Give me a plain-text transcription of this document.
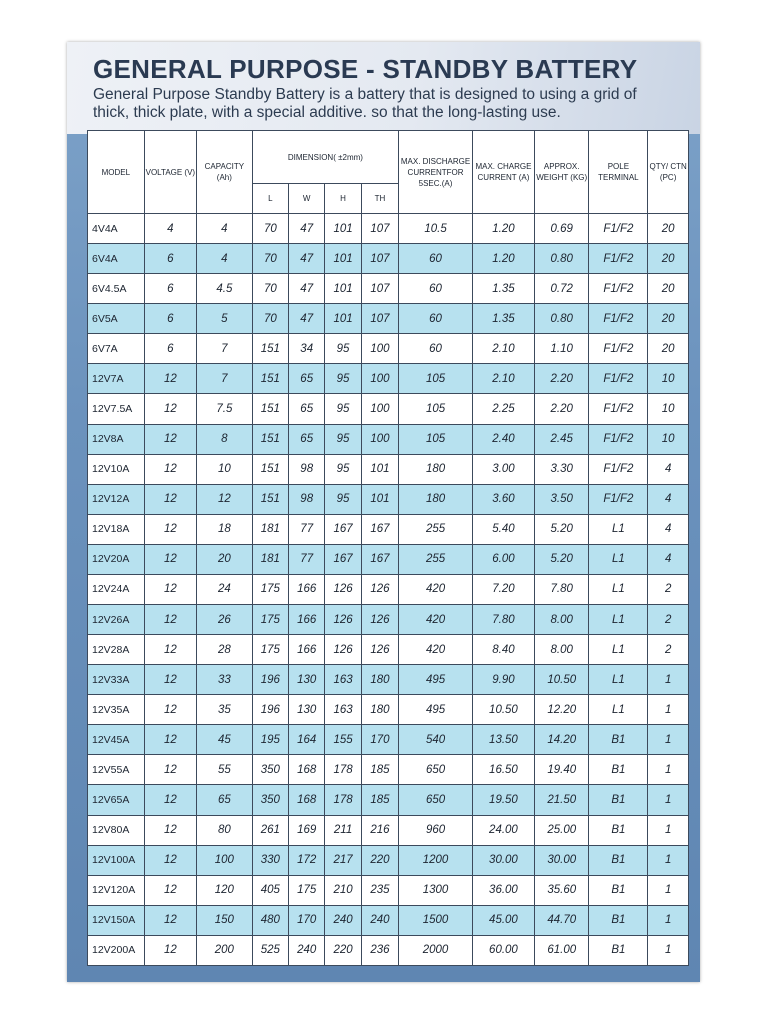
GENERAL PURPOSE - STANDBY BATTERY
General Purpose Standby Battery is a battery that is designed to using a grid of thick, thick plate, with a special additive. so that the long-lasting use.
MODEL	VOLTAGE (V)	CAPACITY (Ah)	DIMENSION( ±2mm)				MAX. DISCHARGE CURRENTFOR 5SEC.(A)	MAX. CHARGE CURRENT (A)	APPROX. WEIGHT (KG)	POLE TERMINAL	QTY/ CTN (PC)
			L	W	H	TH					
4V4A	4	4	70	47	101	107	10.5	1.20	0.69	F1/F2	20
6V4A	6	4	70	47	101	107	60	1.20	0.80	F1/F2	20
6V4.5A	6	4.5	70	47	101	107	60	1.35	0.72	F1/F2	20
6V5A	6	5	70	47	101	107	60	1.35	0.80	F1/F2	20
6V7A	6	7	151	34	95	100	60	2.10	1.10	F1/F2	20
12V7A	12	7	151	65	95	100	105	2.10	2.20	F1/F2	10
12V7.5A	12	7.5	151	65	95	100	105	2.25	2.20	F1/F2	10
12V8A	12	8	151	65	95	100	105	2.40	2.45	F1/F2	10
12V10A	12	10	151	98	95	101	180	3.00	3.30	F1/F2	4
12V12A	12	12	151	98	95	101	180	3.60	3.50	F1/F2	4
12V18A	12	18	181	77	167	167	255	5.40	5.20	L1	4
12V20A	12	20	181	77	167	167	255	6.00	5.20	L1	4
12V24A	12	24	175	166	126	126	420	7.20	7.80	L1	2
12V26A	12	26	175	166	126	126	420	7.80	8.00	L1	2
12V28A	12	28	175	166	126	126	420	8.40	8.00	L1	2
12V33A	12	33	196	130	163	180	495	9.90	10.50	L1	1
12V35A	12	35	196	130	163	180	495	10.50	12.20	L1	1
12V45A	12	45	195	164	155	170	540	13.50	14.20	B1	1
12V55A	12	55	350	168	178	185	650	16.50	19.40	B1	1
12V65A	12	65	350	168	178	185	650	19.50	21.50	B1	1
12V80A	12	80	261	169	211	216	960	24.00	25.00	B1	1
12V100A	12	100	330	172	217	220	1200	30.00	30.00	B1	1
12V120A	12	120	405	175	210	235	1300	36.00	35.60	B1	1
12V150A	12	150	480	170	240	240	1500	45.00	44.70	B1	1
12V200A	12	200	525	240	220	236	2000	60.00	61.00	B1	1
